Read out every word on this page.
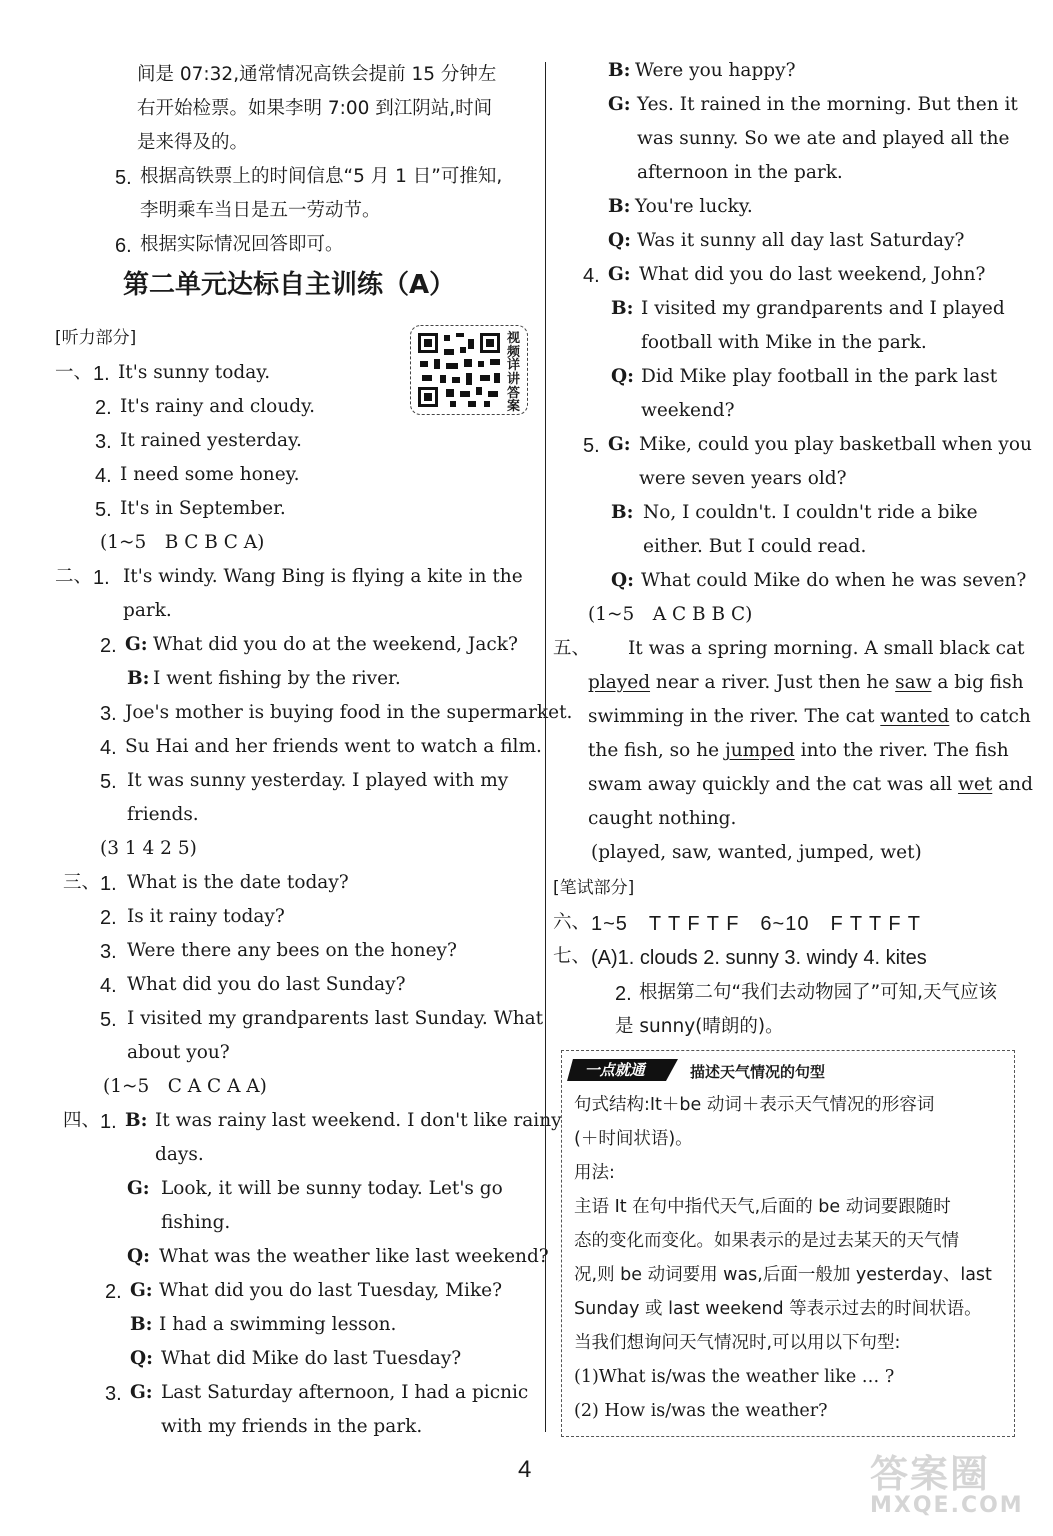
间是 07:32,通常情况高铁会提前 15 分钟左
右开始检票。如果李明 7:00 到江阴站,时间
是来得及的。
5. 根据高铁票上的时间信息“5 月 1 日”可推知,
李明乘车当日是五一劳动节。
6. 根据实际情况回答即可。
第二单元达标自主训练（A）
[听力部分]	视频详讲答案
一、 1. It's sunny today.
2. It's rainy and cloudy.
3. It rained yesterday.
4. I need some honey.
5. It's in September.
(1~5　B C B C A)
二、 1. It's windy. Wang Bing is flying a kite in the
park.
2. G: What did you do at the weekend, Jack?
B: I went fishing by the river.
3. Joe's mother is buying food in the supermarket.
4. Su Hai and her friends went to watch a film.
5. It was sunny yesterday. I played with my
friends.
(3 1 4 2 5)
三、 1. What is the date today?
2. Is it rainy today?
3. Were there any bees on the honey?
4. What did you do last Sunday?
5. I visited my grandparents last Sunday. What
about you?
(1~5　C A C A A)
四、 1. B: It was rainy last weekend. I don't like rainy
days.
G: Look, it will be sunny today. Let's go
fishing.
Q: What was the weather like last weekend?
2. G: What did you do last Tuesday, Mike?
B: I had a swimming lesson.
Q: What did Mike do last Tuesday?
3. G: Last Saturday afternoon, I had a picnic
with my friends in the park.
B: Were you happy?
G: Yes. It rained in the morning. But then it
was sunny. So we ate and played all the
afternoon in the park.
B: You're lucky.
Q: Was it sunny all day last Saturday?
4. G: What did you do last weekend, John?
B: I visited my grandparents and I played
football with Mike in the park.
Q: Did Mike play football in the park last
weekend?
5. G: Mike, could you play basketball when you
were seven years old?
B: No, I couldn't. I couldn't ride a bike
either. But I could read.
Q: What could Mike do when he was seven?
(1~5　A C B B C)
五、 It was a spring morning. A small black cat
played near a river. Just then he saw a big fish
swimming in the river. The cat wanted to catch
the fish, so he jumped into the river. The fish
swam away quickly and the cat was all wet and
caught nothing.
(played, saw, wanted, jumped, wet)
[笔试部分]
六、 1~5　T T F T F　6~10　F T T F T
七、 (A)1. clouds 2. sunny 3. windy 4. kites
2. 根据第二句“我们去动物园了”可知,天气应该
是 sunny(晴朗的)。
一点就通	描述天气情况的句型
句式结构:It＋be 动词＋表示天气情况的形容词
(＋时间状语)。
用法:
主语 It 在句中指代天气,后面的 be 动词要跟随时
态的变化而变化。如果表示的是过去某天的天气情
况,则 be 动词要用 was,后面一般加 yesterday、last
Sunday 或 last weekend 等表示过去的时间状语。
当我们想询问天气情况时,可以用以下句型:
(1)What is/was the weather like … ?
(2) How is/was the weather?
4	答案圈
MXQE.COM
